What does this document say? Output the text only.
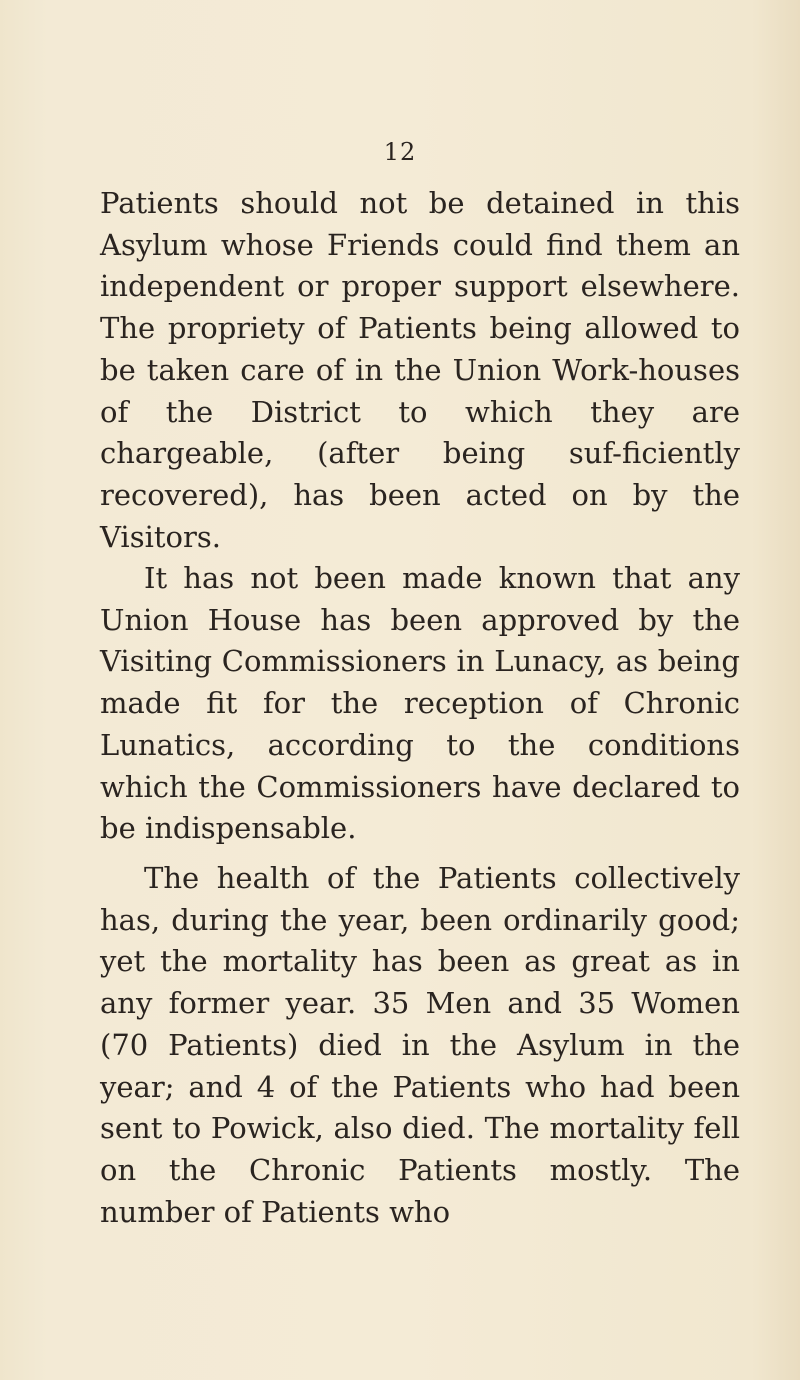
12

Patients should not be detained in this Asylum whose Friends could find them an independent or proper support elsewhere. The propriety of Patients being allowed to be taken care of in the Union Work-houses of the District to which they are chargeable, (after being suf-ficiently recovered), has been acted on by the Visitors.

It has not been made known that any Union House has been approved by the Visiting Commissioners in Lunacy, as being made fit for the reception of Chronic Lunatics, according to the conditions which the Commissioners have declared to be indispensable.

The health of the Patients collectively has, during the year, been ordinarily good; yet the mortality has been as great as in any former year. 35 Men and 35 Women (70 Patients) died in the Asylum in the year; and 4 of the Patients who had been sent to Powick, also died. The mortality fell on the Chronic Patients mostly. The number of Patients who
